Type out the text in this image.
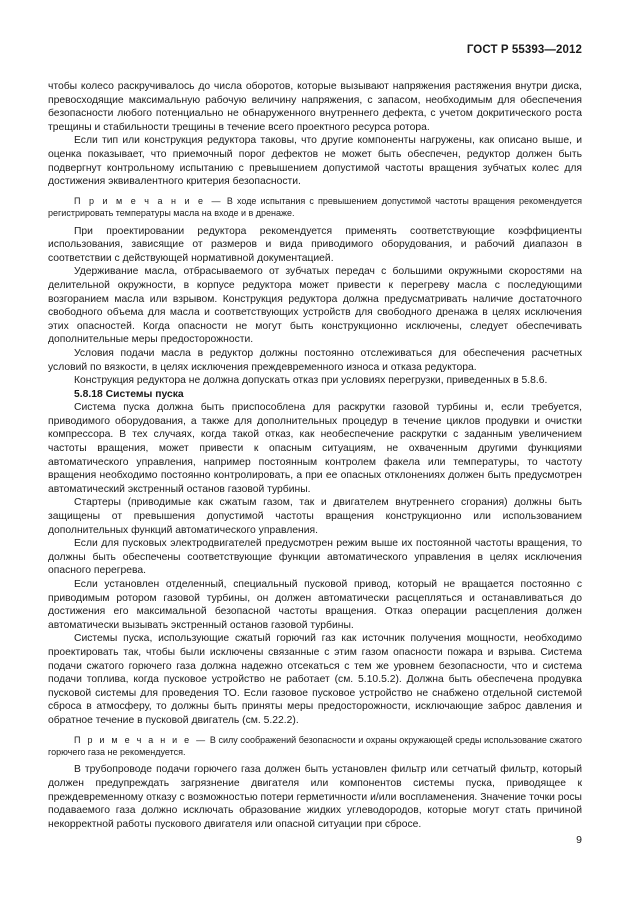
ГОСТ Р 55393—2012

чтобы колесо раскручивалось до числа оборотов, которые вызывают напряжения растяжения внутри диска, превосходящие максимальную рабочую величину напряжения, с запасом, необходимым для обеспечения безопасности любого потенциально не обнаруженного внутреннего дефекта, с учетом докритического роста трещины и стабильности трещины в течение всего проектного ресурса ротора.

Если тип или конструкция редуктора таковы, что другие компоненты нагружены, как описано выше, и оценка показывает, что приемочный порог дефектов не может быть обеспечен, редуктор должен быть подвергнут контрольному испытанию с превышением допустимой частоты вращения зубчатых колес для достижения эквивалентного критерия безопасности.

П р и м е ч а н и е — В ходе испытания с превышением допустимой частоты вращения рекомендуется регистрировать температуры масла на входе и в дренаже.

При проектировании редуктора рекомендуется применять соответствующие коэффициенты использования, зависящие от размеров и вида приводимого оборудования, и рабочий диапазон в соответствии с действующей нормативной документацией.

Удерживание масла, отбрасываемого от зубчатых передач с большими окружными скоростями на делительной окружности, в корпусе редуктора может привести к перегреву масла с последующими возгоранием масла или взрывом. Конструкция редуктора должна предусматривать наличие достаточного свободного объема для масла и соответствующих устройств для свободного дренажа в целях исключения этих опасностей. Когда опасности не могут быть конструкционно исключены, следует обеспечивать дополнительные меры предосторожности.

Условия подачи масла в редуктор должны постоянно отслеживаться для обеспечения расчетных условий по вязкости, в целях исключения преждевременного износа и отказа редуктора.

Конструкция редуктора не должна допускать отказ при условиях перегрузки, приведенных в 5.8.6.

5.8.18 Системы пуска

Система пуска должна быть приспособлена для раскрутки газовой турбины и, если требуется, приводимого оборудования, а также для дополнительных процедур в течение циклов продувки и очистки компрессора. В тех случаях, когда такой отказ, как необеспечение раскрутки с заданным увеличением частоты вращения, может привести к опасным ситуациям, не охваченным другими функциями автоматического управления, например постоянным контролем факела или температуры, то частоту вращения необходимо постоянно контролировать, а при ее опасных отклонениях должен быть предусмотрен автоматический экстренный останов газовой турбины.

Стартеры (приводимые как сжатым газом, так и двигателем внутреннего сгорания) должны быть защищены от превышения допустимой частоты вращения конструкционно или использованием дополнительных функций автоматического управления.

Если для пусковых электродвигателей предусмотрен режим выше их постоянной частоты вращения, то должны быть обеспечены соответствующие функции автоматического управления в целях исключения опасного перегрева.

Если установлен отделенный, специальный пусковой привод, который не вращается постоянно с приводимым ротором газовой турбины, он должен автоматически расцепляться и останавливаться до достижения его максимальной безопасной частоты вращения. Отказ операции расцепления должен автоматически вызывать экстренный останов газовой турбины.

Системы пуска, использующие сжатый горючий газ как источник получения мощности, необходимо проектировать так, чтобы были исключены связанные с этим газом опасности пожара и взрыва. Система подачи сжатого горючего газа должна надежно отсекаться с тем же уровнем безопасности, что и система подачи топлива, когда пусковое устройство не работает (см. 5.10.5.2). Должна быть обеспечена продувка пусковой системы для проведения ТО. Если газовое пусковое устройство не снабжено отдельной системой сброса в атмосферу, то должны быть приняты меры предосторожности, исключающие заброс давления и обратное течение в пусковой двигатель (см. 5.22.2).

П р и м е ч а н и е — В силу соображений безопасности и охраны окружающей среды использование сжатого горючего газа не рекомендуется.

В трубопроводе подачи горючего газа должен быть установлен фильтр или сетчатый фильтр, который должен предупреждать загрязнение двигателя или компонентов системы пуска, приводящее к преждевременному отказу с возможностью потери герметичности и/или воспламенения. Значение точки росы подаваемого газа должно исключать образование жидких углеводородов, которые могут стать причиной некорректной работы пускового двигателя или опасной ситуации при сбросе.

9
